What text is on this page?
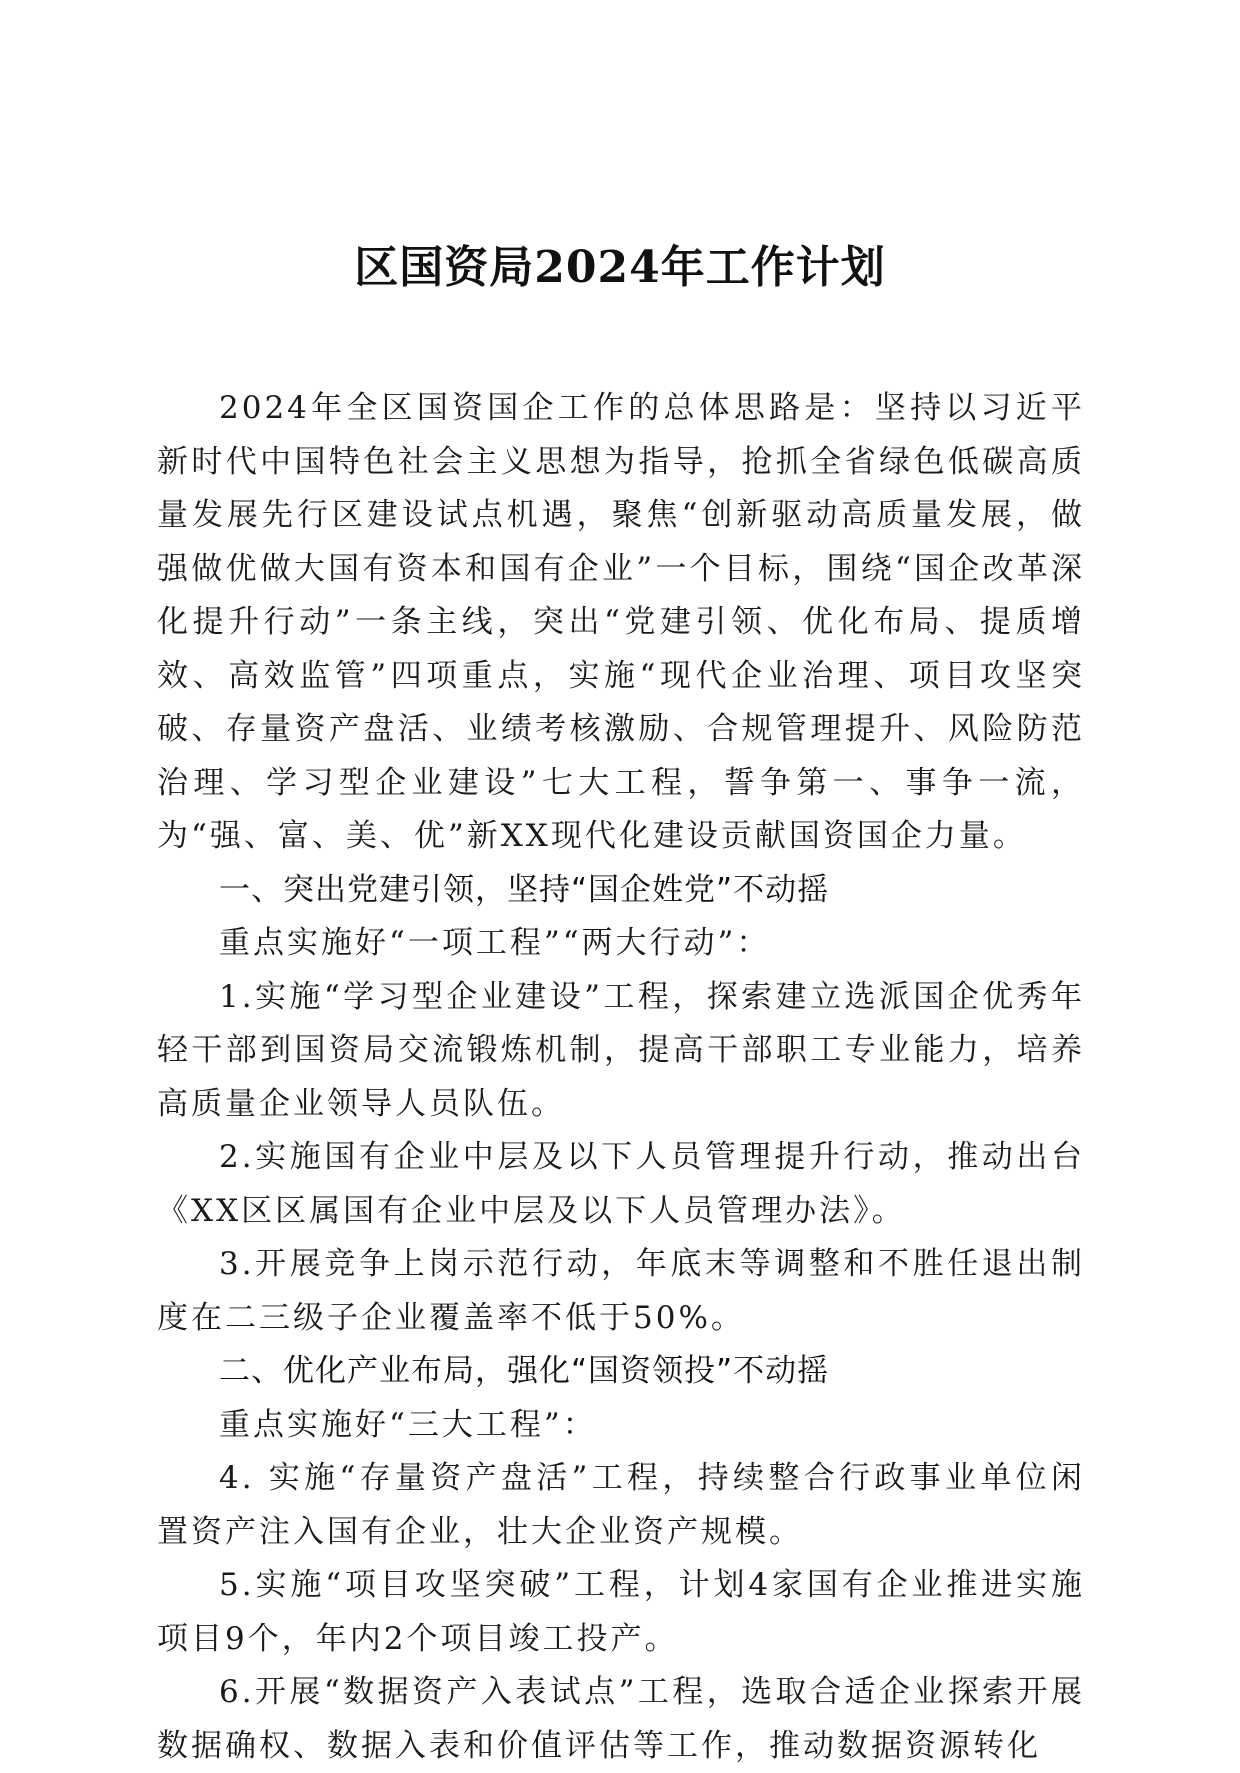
区国资局2024年工作计划

2024年全区国资国企工作的总体思路是：坚持以习近平新时代中国特色社会主义思想为指导，抢抓全省绿色低碳高质量发展先行区建设试点机遇，聚焦“创新驱动高质量发展，做强做优做大国有资本和国有企业”一个目标，围绕“国企改革深化提升行动”一条主线，突出“党建引领、优化布局、提质增效、高效监管”四项重点，实施“现代企业治理、项目攻坚突破、存量资产盘活、业绩考核激励、合规管理提升、风险防范治理、学习型企业建设”七大工程，誓争第一、事争一流，为“强、富、美、优”新XX现代化建设贡献国资国企力量。

一、突出党建引领，坚持“国企姓党”不动摇

重点实施好“一项工程”“两大行动”：

1.实施“学习型企业建设”工程，探索建立选派国企优秀年轻干部到国资局交流锻炼机制，提高干部职工专业能力，培养高质量企业领导人员队伍。

2.实施国有企业中层及以下人员管理提升行动，推动出台《XX区区属国有企业中层及以下人员管理办法》。

3.开展竞争上岗示范行动，年底末等调整和不胜任退出制度在二三级子企业覆盖率不低于50%。

二、优化产业布局，强化“国资领投”不动摇

重点实施好“三大工程”：

4. 实施“存量资产盘活”工程，持续整合行政事业单位闲置资产注入国有企业，壮大企业资产规模。

5.实施“项目攻坚突破”工程，计划4家国有企业推进实施项目9个，年内2个项目竣工投产。

6.开展“数据资产入表试点”工程，选取合适企业探索开展数据确权、数据入表和价值评估等工作，推动数据资源转化
